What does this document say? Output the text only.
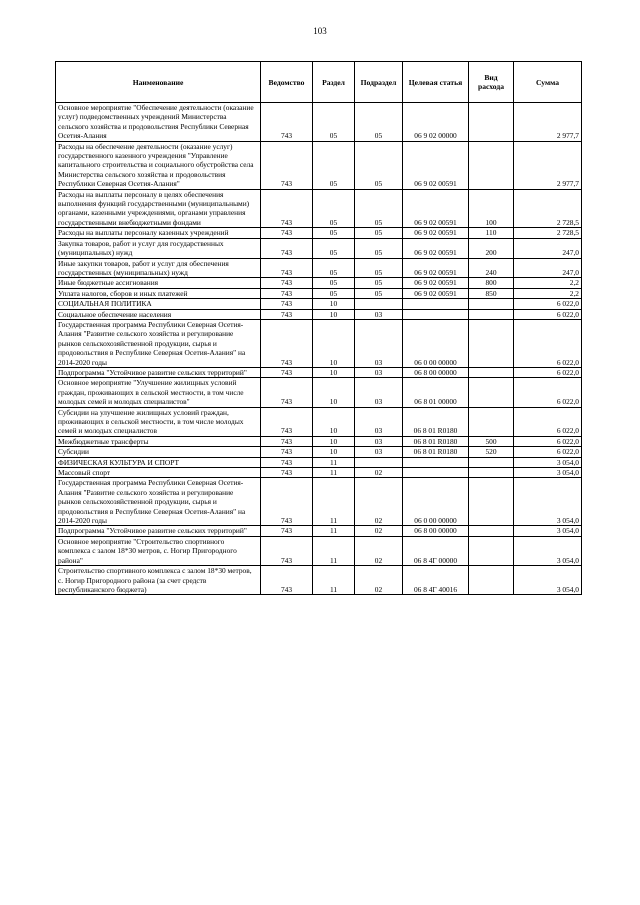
103
Наименование	Ведомство	Раздел	Подраздел	Целевая статья	Вид расхода	Сумма
Основное мероприятие "Обеспечение деятельности (оказание услуг) подведомственных учреждений Министерства сельского хозяйства и продовольствия Республики Северная Осетия-Алания	743	05	05	06 9 02 00000		2 977,7
Расходы на обеспечение деятельности (оказание услуг) государственного казенного учреждения "Управление капитального строительства и социального обустройства села Министерства сельского хозяйства и продовольствия Республики Северная Осетия-Алания"	743	05	05	06 9 02 00591		2 977,7
Расходы на выплаты персоналу в целях обеспечения выполнения функций государственными (муниципальными) органами, казенными учреждениями, органами управления государственными внебюджетными фондами	743	05	05	06 9 02 00591	100	2 728,5
Расходы на выплаты персоналу казенных учреждений	743	05	05	06 9 02 00591	110	2 728,5
Закупка товаров, работ и услуг для государственных (муниципальных) нужд	743	05	05	06 9 02 00591	200	247,0
Иные закупки товаров, работ и услуг для обеспечения государственных (муниципальных) нужд	743	05	05	06 9 02 00591	240	247,0
Иные бюджетные ассигнования	743	05	05	06 9 02 00591	800	2,2
Уплата налогов, сборов и иных платежей	743	05	05	06 9 02 00591	850	2,2
СОЦИАЛЬНАЯ ПОЛИТИКА	743	10				6 022,0
Социальное обеспечение населения	743	10	03			6 022,0
Государственная программа Республики Северная Осетия-Алания "Развитие сельского хозяйства и регулирование рынков сельскохозяйственной продукции, сырья и продовольствия в Республике Северная Осетия-Алания" на 2014-2020 годы	743	10	03	06 0 00 00000		6 022,0
Подпрограмма "Устойчивое развитие сельских территорий"	743	10	03	06 8 00 00000		6 022,0
Основное мероприятие "Улучшение жилищных условий граждан, проживающих в сельской местности, в том числе молодых семей и молодых специалистов"	743	10	03	06 8 01 00000		6 022,0
Субсидии на улучшение жилищных условий граждан, проживающих в сельской местности, в том числе молодых семей и молодых специалистов	743	10	03	06 8 01 R0180		6 022,0
Межбюджетные трансферты	743	10	03	06 8 01 R0180	500	6 022,0
Субсидии	743	10	03	06 8 01 R0180	520	6 022,0
ФИЗИЧЕСКАЯ КУЛЬТУРА И СПОРТ	743	11				3 054,0
Массовый спорт	743	11	02			3 054,0
Государственная программа Республики Северная Осетия-Алания "Развитие сельского хозяйства и регулирование рынков сельскохозяйственной продукции, сырья и продовольствия в Республике Северная Осетия-Алания" на 2014-2020 годы	743	11	02	06 0 00 00000		3 054,0
Подпрограмма "Устойчивое развитие сельских территорий"	743	11	02	06 8 00 00000		3 054,0
Основное мероприятие "Строительство спортивного комплекса с залом 18*30 метров, с. Ногир Пригородного района"	743	11	02	06 8 4Г 00000		3 054,0
Строительство спортивного комплекса с залом 18*30 метров, с. Ногир Пригородного района (за счет средств республиканского бюджета)	743	11	02	06 8 4Г 40016		3 054,0
